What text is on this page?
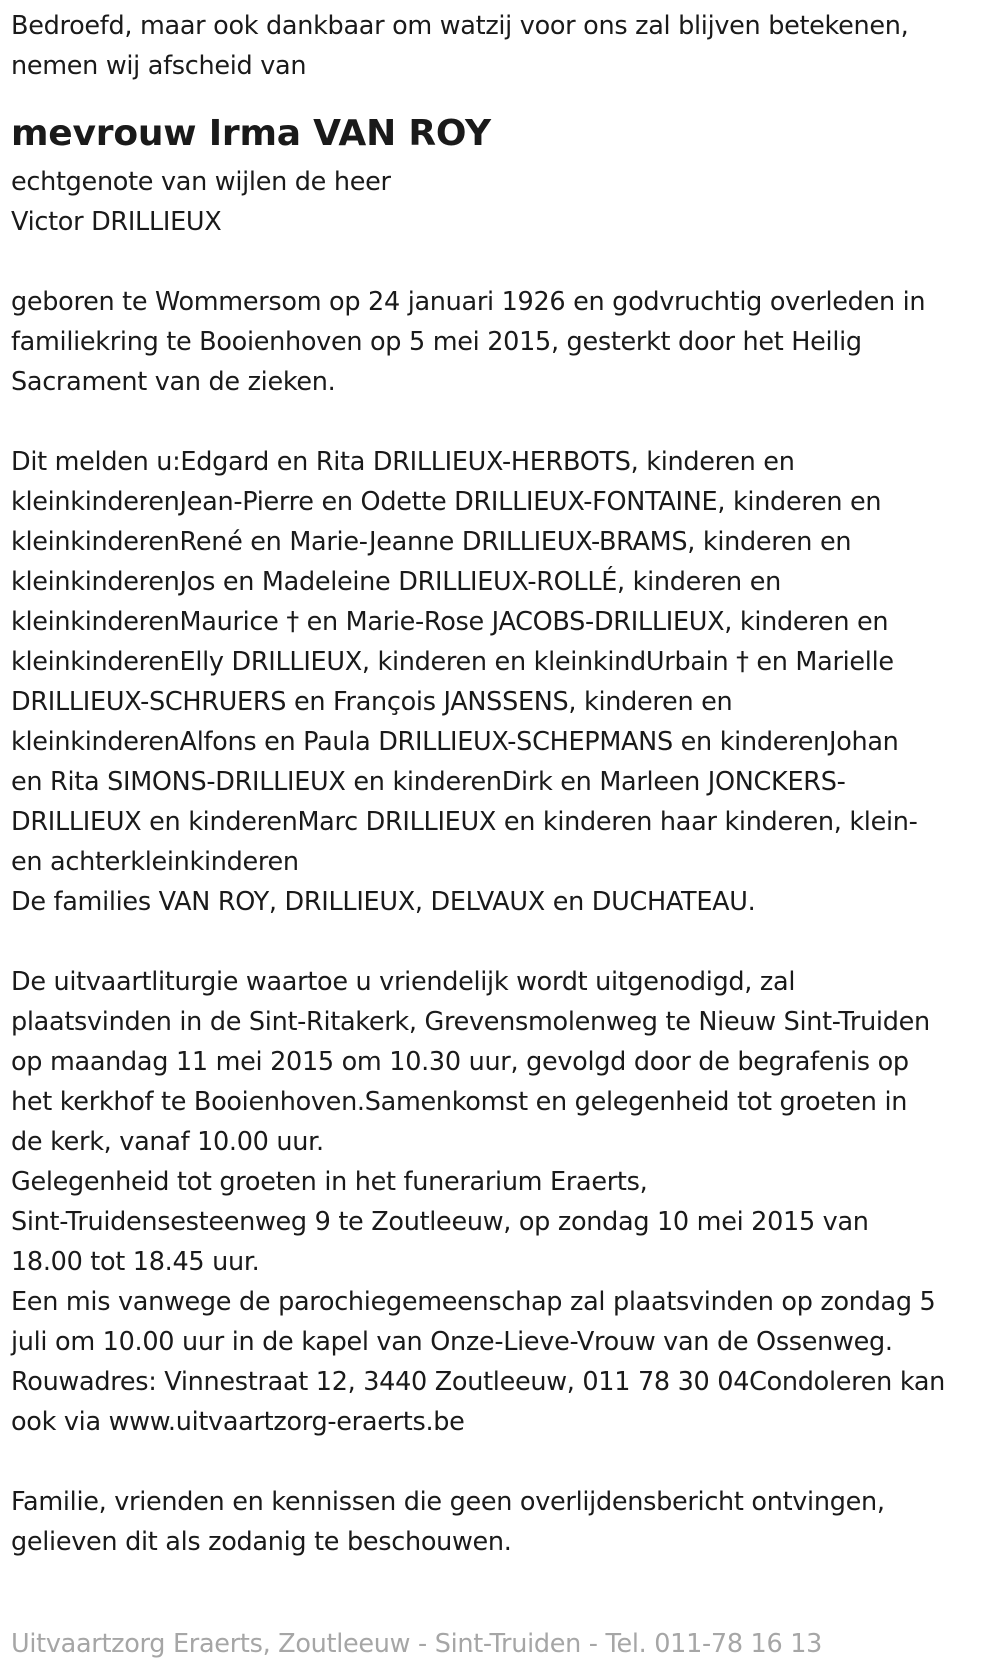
Bedroefd, maar ook dankbaar om watzij voor ons zal blijven betekenen,
nemen wij afscheid van
mevrouw Irma VAN ROY
echtgenote van wijlen de heer
Victor DRILLIEUX
geboren te Wommersom op 24 januari 1926 en godvruchtig overleden in
familiekring te Booienhoven op 5 mei 2015, gesterkt door het Heilig
Sacrament van de zieken.
Dit melden u:Edgard en Rita DRILLIEUX-HERBOTS, kinderen en
kleinkinderenJean-Pierre en Odette DRILLIEUX-FONTAINE, kinderen en
kleinkinderenRené en Marie-Jeanne DRILLIEUX-BRAMS, kinderen en
kleinkinderenJos en Madeleine DRILLIEUX-ROLLÉ, kinderen en
kleinkinderenMaurice † en Marie-Rose JACOBS-DRILLIEUX, kinderen en
kleinkinderenElly DRILLIEUX, kinderen en kleinkindUrbain † en Marielle
DRILLIEUX-SCHRUERS en François JANSSENS, kinderen en
kleinkinderenAlfons en Paula DRILLIEUX-SCHEPMANS en kinderenJohan
en Rita SIMONS-DRILLIEUX en kinderenDirk en Marleen JONCKERS-
DRILLIEUX en kinderenMarc DRILLIEUX en kinderen haar kinderen, klein-
en achterkleinkinderen
De families VAN ROY, DRILLIEUX, DELVAUX en DUCHATEAU.
De uitvaartliturgie waartoe u vriendelijk wordt uitgenodigd, zal
plaatsvinden in de Sint-Ritakerk, Grevensmolenweg te Nieuw Sint-Truiden
op maandag 11 mei 2015 om 10.30 uur, gevolgd door de begrafenis op
het kerkhof te Booienhoven.Samenkomst en gelegenheid tot groeten in
de kerk, vanaf 10.00 uur.
Gelegenheid tot groeten in het funerarium Eraerts,
Sint-Truidensesteenweg 9 te Zoutleeuw, op zondag 10 mei 2015 van
18.00 tot 18.45 uur.
Een mis vanwege de parochiegemeenschap zal plaatsvinden op zondag 5
juli om 10.00 uur in de kapel van Onze-Lieve-Vrouw van de Ossenweg.
Rouwadres: Vinnestraat 12, 3440 Zoutleeuw, 011 78 30 04Condoleren kan
ook via www.uitvaartzorg-eraerts.be
Familie, vrienden en kennissen die geen overlijdensbericht ontvingen,
gelieven dit als zodanig te beschouwen.
Uitvaartzorg Eraerts, Zoutleeuw - Sint-Truiden - Tel. 011-78 16 13
